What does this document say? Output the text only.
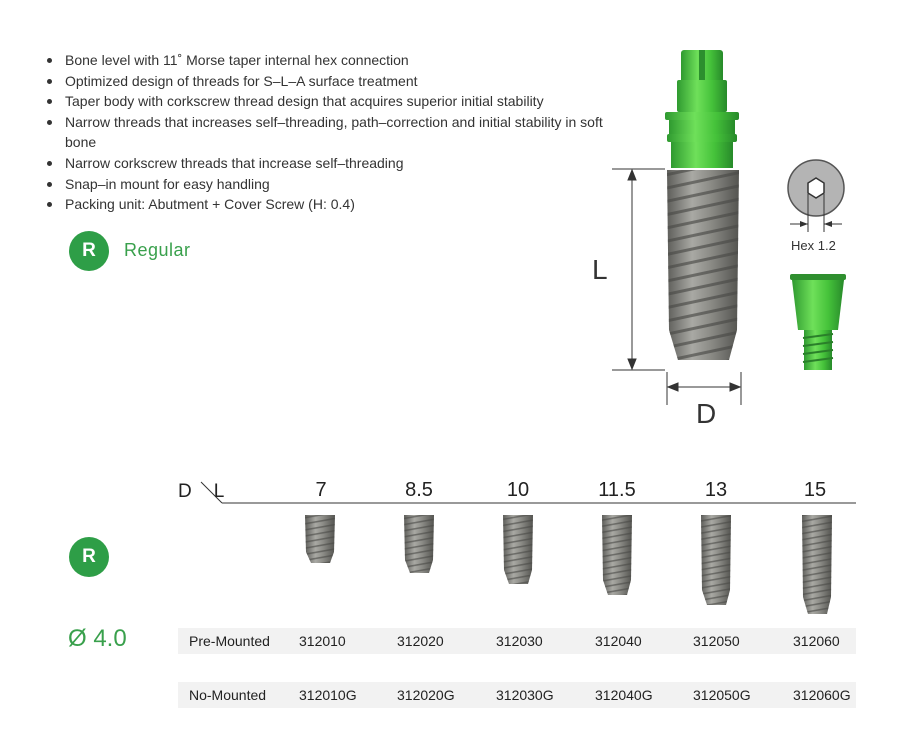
Bone level with 11˚ Morse taper internal hex connection
Optimized design of threads for S–L–A surface treatment
Taper body with corkscrew thread design that acquires superior initial stability
Narrow threads that increases self–threading, path–correction and initial stability in soft bone
Narrow corkscrew threads that increase self–threading
Snap–in mount for easy handling
Packing unit: Abutment + Cover Screw (H: 0.4)
R	Regular
L
D
Hex 1.2
D L	7	8.5	10	11.5	13	15
R
Ø 4.0	Pre-Mounted 312010	312020	312030	312040	312050	312060
No-Mounted 312010G	312020G	312030G	312040G	312050G	312060G
